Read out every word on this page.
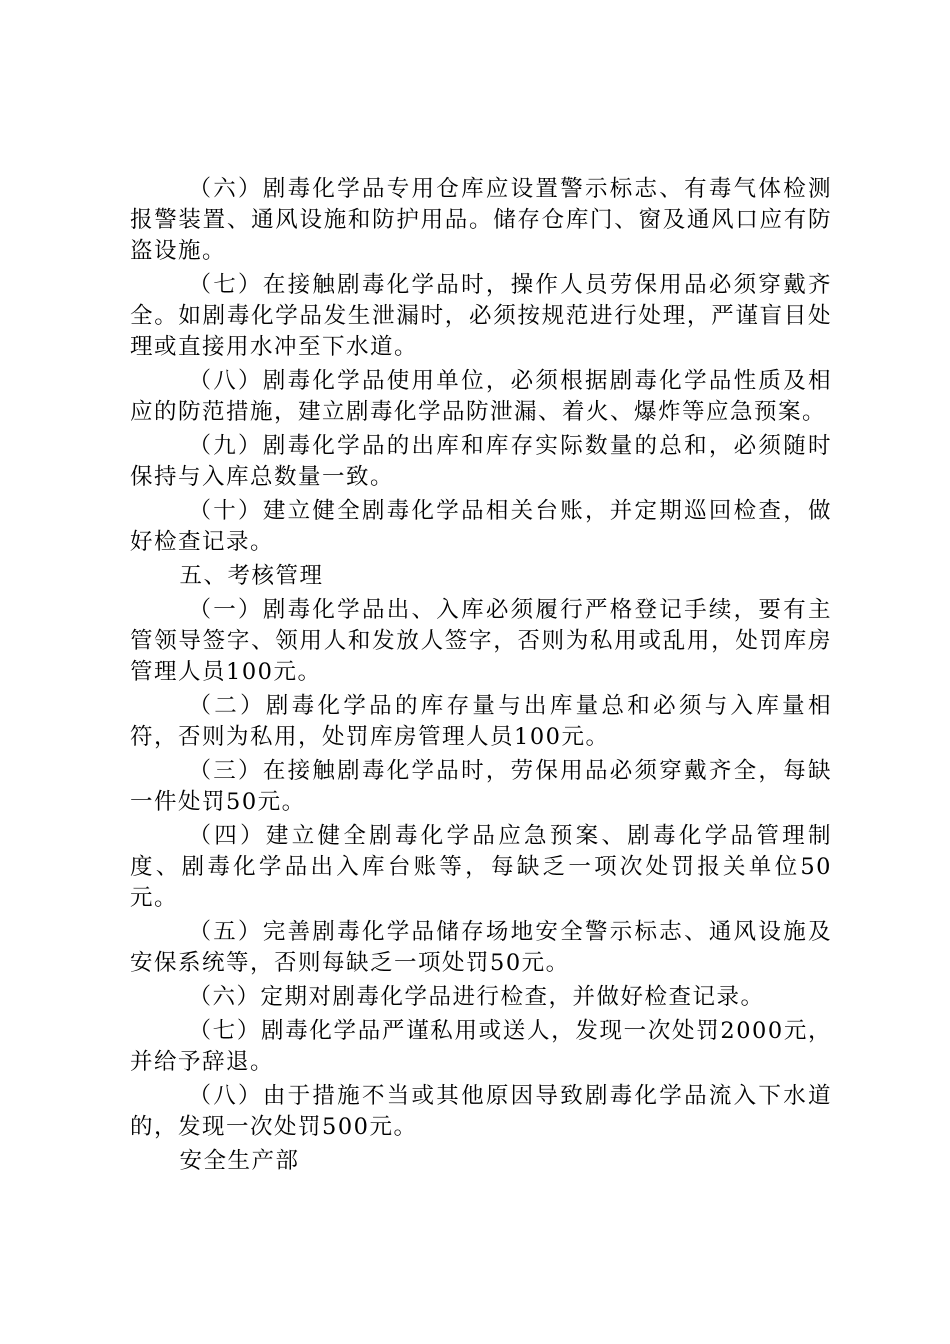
（六）剧毒化学品专用仓库应设置警示标志、有毒气体检测报警装置、通风设施和防护用品。储存仓库门、窗及通风口应有防盗设施。

（七）在接触剧毒化学品时，操作人员劳保用品必须穿戴齐全。如剧毒化学品发生泄漏时，必须按规范进行处理，严谨盲目处理或直接用水冲至下水道。

（八）剧毒化学品使用单位，必须根据剧毒化学品性质及相应的防范措施，建立剧毒化学品防泄漏、着火、爆炸等应急预案。

（九）剧毒化学品的出库和库存实际数量的总和，必须随时保持与入库总数量一致。

（十）建立健全剧毒化学品相关台账，并定期巡回检查，做好检查记录。

五、考核管理

（一）剧毒化学品出、入库必须履行严格登记手续，要有主管领导签字、领用人和发放人签字，否则为私用或乱用，处罚库房管理人员100元。

（二）剧毒化学品的库存量与出库量总和必须与入库量相符，否则为私用，处罚库房管理人员100元。

（三）在接触剧毒化学品时，劳保用品必须穿戴齐全，每缺一件处罚50元。

（四）建立健全剧毒化学品应急预案、剧毒化学品管理制度、剧毒化学品出入库台账等，每缺乏一项次处罚报关单位50元。

（五）完善剧毒化学品储存场地安全警示标志、通风设施及安保系统等，否则每缺乏一项处罚50元。

（六）定期对剧毒化学品进行检查，并做好检查记录。

（七）剧毒化学品严谨私用或送人，发现一次处罚2000元，并给予辞退。

（八）由于措施不当或其他原因导致剧毒化学品流入下水道的，发现一次处罚500元。

安全生产部
